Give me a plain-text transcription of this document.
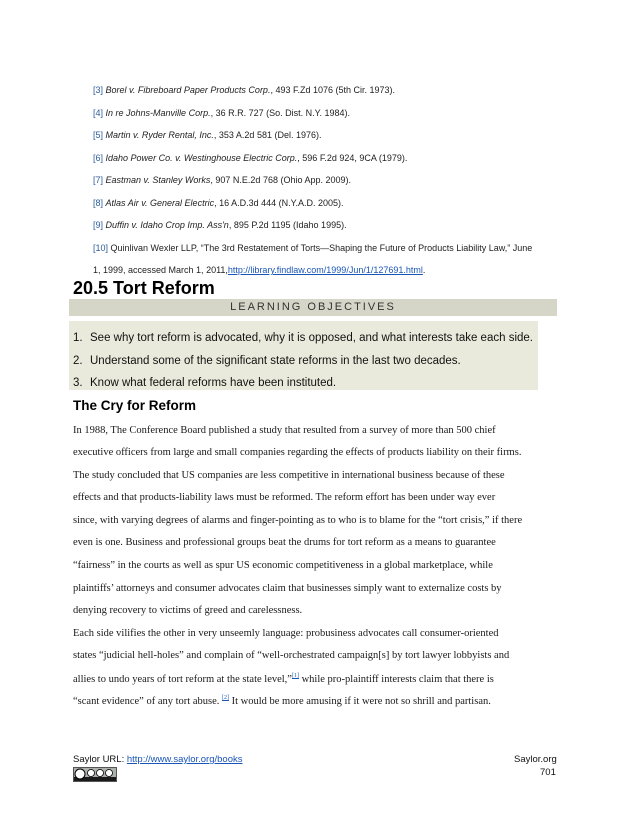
[3] Borel v. Fibreboard Paper Products Corp., 493 F.Zd 1076 (5th Cir. 1973).
[4] In re Johns-Manville Corp., 36 R.R. 727 (So. Dist. N.Y. 1984).
[5] Martin v. Ryder Rental, Inc., 353 A.2d 581 (Del. 1976).
[6] Idaho Power Co. v. Westinghouse Electric Corp., 596 F.2d 924, 9CA (1979).
[7] Eastman v. Stanley Works, 907 N.E.2d 768 (Ohio App. 2009).
[8] Atlas Air v. General Electric, 16 A.D.3d 444 (N.Y.A.D. 2005).
[9] Duffin v. Idaho Crop Imp. Ass'n, 895 P.2d 1195 (Idaho 1995).
[10] Quinlivan Wexler LLP, “The 3rd Restatement of Torts—Shaping the Future of Products Liability Law,” June
1, 1999, accessed March 1, 2011,http://library.findlaw.com/1999/Jun/1/127691.html.
20.5 Tort Reform
LEARNING OBJECTIVES
1. See why tort reform is advocated, why it is opposed, and what interests take each side.
2. Understand some of the significant state reforms in the last two decades.
3. Know what federal reforms have been instituted.
The Cry for Reform
In 1988, The Conference Board published a study that resulted from a survey of more than 500 chief
executive officers from large and small companies regarding the effects of products liability on their firms.
The study concluded that US companies are less competitive in international business because of these
effects and that products-liability laws must be reformed. The reform effort has been under way ever
since, with varying degrees of alarms and finger-pointing as to who is to blame for the “tort crisis,” if there
even is one. Business and professional groups beat the drums for tort reform as a means to guarantee
“fairness” in the courts as well as spur US economic competitiveness in a global marketplace, while
plaintiffs’ attorneys and consumer advocates claim that businesses simply want to externalize costs by
denying recovery to victims of greed and carelessness.
Each side vilifies the other in very unseemly language: probusiness advocates call consumer-oriented
states “judicial hell-holes” and complain of “well-orchestrated campaign[s] by tort lawyer lobbyists and
allies to undo years of tort reform at the state level,”[1] while pro-plaintiff interests claim that there is
“scant evidence” of any tort abuse. [2] It would be more amusing if it were not so shrill and partisan.
Saylor URL: http://www.saylor.org/books	Saylor.org
701
